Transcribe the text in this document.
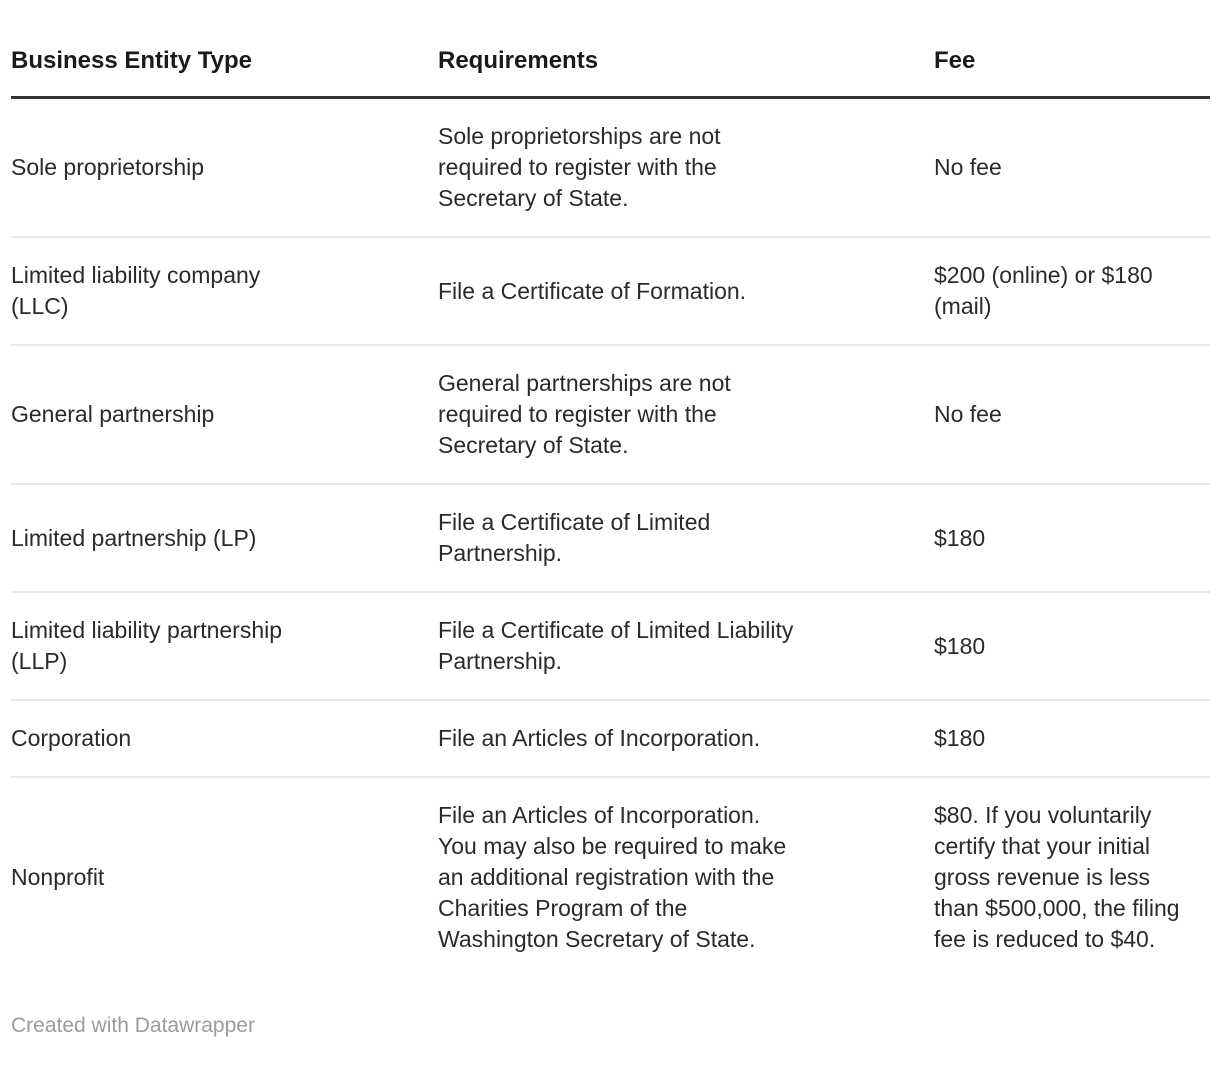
Business Entity Type	Requirements	Fee

Sole proprietorship	Sole proprietorships are not required to register with the Secretary of State.	No fee

Limited liability company (LLC)	File a Certificate of Formation.	$200 (online) or $180 (mail)

General partnership	General partnerships are not required to register with the Secretary of State.	No fee

Limited partnership (LP)	File a Certificate of Limited Partnership.	$180

Limited liability partnership (LLP)	File a Certificate of Limited Liability Partnership.	$180

Corporation	File an Articles of Incorporation.	$180

Nonprofit	File an Articles of Incorporation. You may also be required to make an additional registration with the Charities Program of the Washington Secretary of State.	$80. If you voluntarily certify that your initial gross revenue is less than $500,000, the filing fee is reduced to $40.
Created with Datawrapper
